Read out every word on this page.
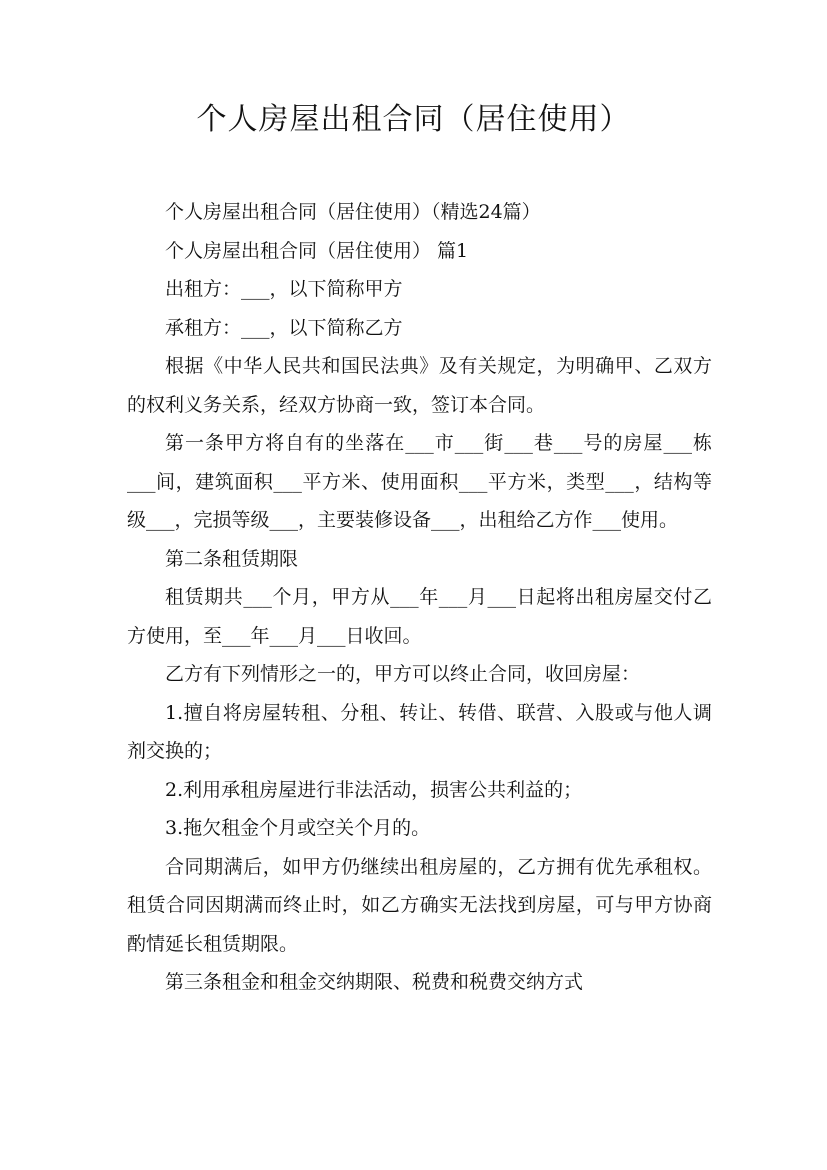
个人房屋出租合同（居住使用）

个人房屋出租合同（居住使用）（精选24篇）

个人房屋出租合同（居住使用） 篇1

出租方：___，以下简称甲方

承租方：___，以下简称乙方

根据《中华人民共和国民法典》及有关规定，为明确甲、乙双方的权利义务关系，经双方协商一致，签订本合同。

第一条甲方将自有的坐落在___市___街___巷___号的房屋___栋___间，建筑面积___平方米、使用面积___平方米，类型___，结构等级___，完损等级___，主要装修设备___，出租给乙方作___使用。

第二条租赁期限

租赁期共___个月，甲方从___年___月___日起将出租房屋交付乙方使用，至___年___月___日收回。

乙方有下列情形之一的，甲方可以终止合同，收回房屋：

1.擅自将房屋转租、分租、转让、转借、联营、入股或与他人调剂交换的；

2.利用承租房屋进行非法活动，损害公共利益的；

3.拖欠租金个月或空关个月的。

合同期满后，如甲方仍继续出租房屋的，乙方拥有优先承租权。 租赁合同因期满而终止时，如乙方确实无法找到房屋，可与甲方协商酌情延长租赁期限。

第三条租金和租金交纳期限、税费和税费交纳方式
